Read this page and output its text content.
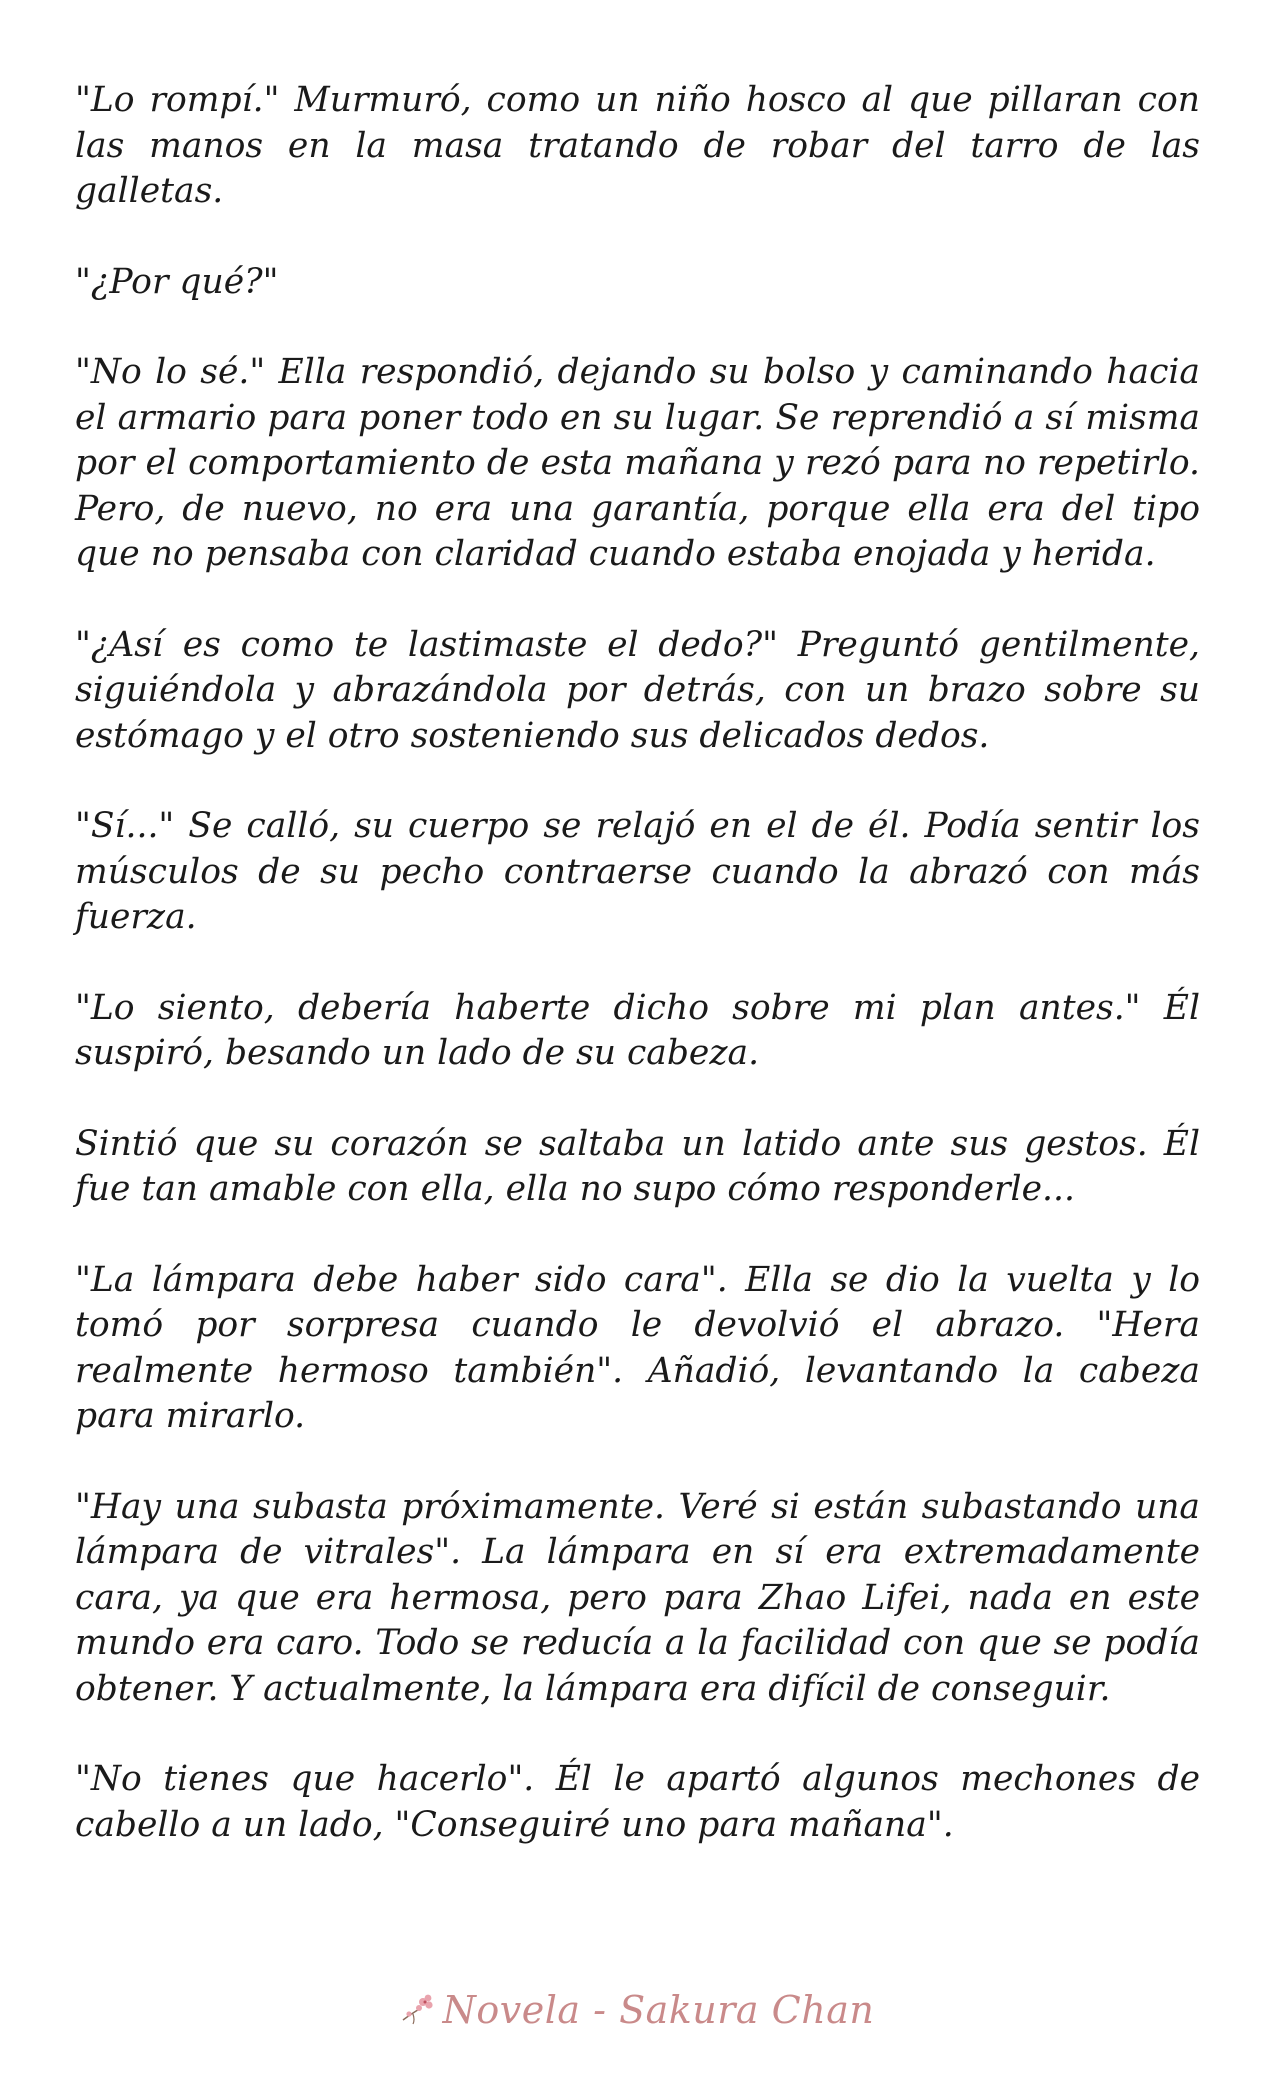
"Lo rompí." Murmuró, como un niño hosco al que pillaran con las manos en la masa tratando de robar del tarro de las galletas.

"¿Por qué?"

"No lo sé." Ella respondió, dejando su bolso y caminando hacia el armario para poner todo en su lugar. Se reprendió a sí misma por el comportamiento de esta mañana y rezó para no repetirlo. Pero, de nuevo, no era una garantía, porque ella era del tipo que no pensaba con claridad cuando estaba enojada y herida.

"¿Así es como te lastimaste el dedo?" Preguntó gentilmente, siguiéndola y abrazándola por detrás, con un brazo sobre su estómago y el otro sosteniendo sus delicados dedos.

"Sí..." Se calló, su cuerpo se relajó en el de él. Podía sentir los músculos de su pecho contraerse cuando la abrazó con más fuerza.

"Lo siento, debería haberte dicho sobre mi plan antes." Él suspiró, besando un lado de su cabeza.

Sintió que su corazón se saltaba un latido ante sus gestos. Él fue tan amable con ella, ella no supo cómo responderle...

"La lámpara debe haber sido cara". Ella se dio la vuelta y lo tomó por sorpresa cuando le devolvió el abrazo. "Hera realmente hermoso también". Añadió, levantando la cabeza para mirarlo.

"Hay una subasta próximamente. Veré si están subastando una lámpara de vitrales". La lámpara en sí era extremadamente cara, ya que era hermosa, pero para Zhao Lifei, nada en este mundo era caro. Todo se reducía a la facilidad con que se podía obtener. Y actualmente, la lámpara era difícil de conseguir.

"No tienes que hacerlo". Él le apartó algunos mechones de cabello a un lado, "Conseguiré uno para mañana".

Novela - Sakura Chan
